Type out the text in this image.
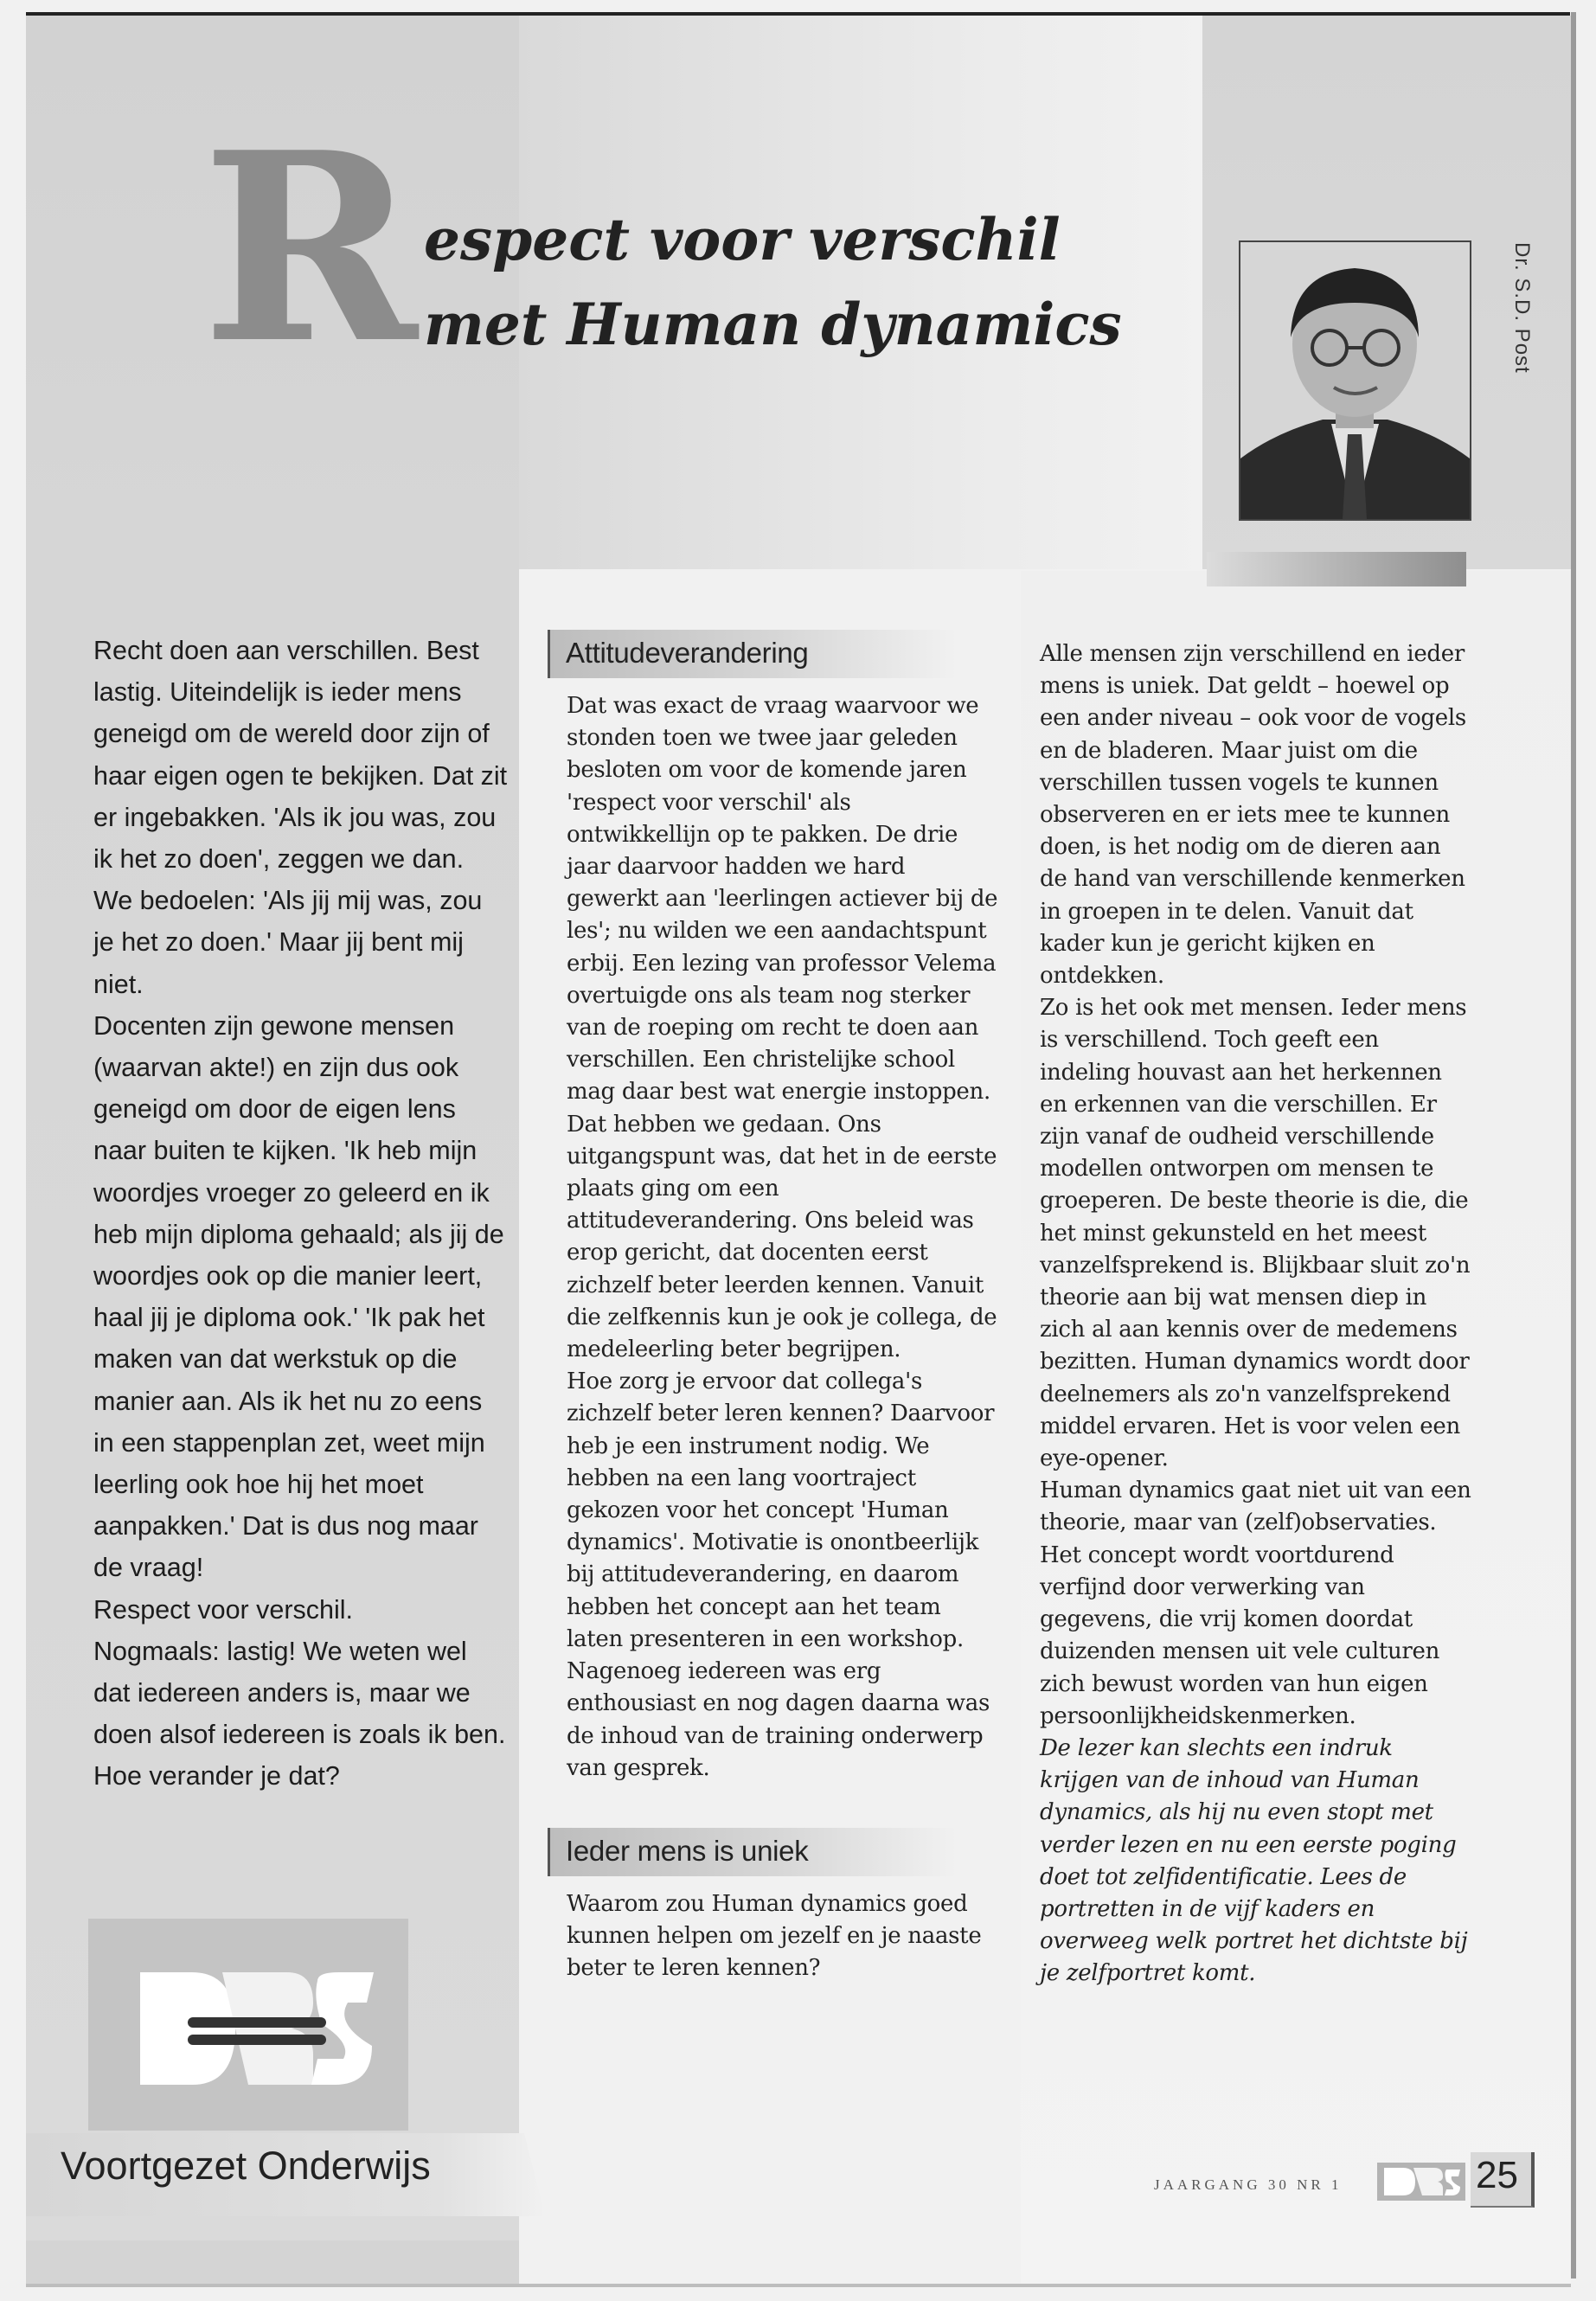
R espect voor verschil
met Human dynamics	Dr. S.D. Post

Recht doen aan verschillen. Best lastig. Uiteindelijk is ieder mens geneigd om de wereld door zijn of haar eigen ogen te bekijken. Dat zit er ingebakken. 'Als ik jou was, zou ik het zo doen', zeggen we dan. We bedoelen: 'Als jij mij was, zou je het zo doen.' Maar jij bent mij niet.

Docenten zijn gewone mensen (waarvan akte!) en zijn dus ook geneigd om door de eigen lens naar buiten te kijken. 'Ik heb mijn woordjes vroeger zo geleerd en ik heb mijn diploma gehaald; als jij de woordjes ook op die manier leert, haal jij je diploma ook.' 'Ik pak het maken van dat werkstuk op die manier aan. Als ik het nu zo eens in een stappenplan zet, weet mijn leerling ook hoe hij het moet aanpakken.' Dat is dus nog maar de vraag!

Respect voor verschil.

Nogmaals: lastig! We weten wel dat iedereen anders is, maar we doen alsof iedereen is zoals ik ben. Hoe verander je dat?

Attitudeverandering

Dat was exact de vraag waarvoor we stonden toen we twee jaar geleden besloten om voor de komende jaren 'respect voor verschil' als ontwikkellijn op te pakken. De drie jaar daarvoor hadden we hard gewerkt aan 'leerlingen actiever bij de les'; nu wilden we een aandachtspunt erbij. Een lezing van professor Velema overtuigde ons als team nog sterker van de roeping om recht te doen aan verschillen. Een christelijke school mag daar best wat energie instoppen. Dat hebben we gedaan. Ons uitgangspunt was, dat het in de eerste plaats ging om een attitudeverandering. Ons beleid was erop gericht, dat docenten eerst zichzelf beter leerden kennen. Vanuit die zelfkennis kun je ook je collega, de medeleerling beter begrijpen.

Hoe zorg je ervoor dat collega's zichzelf beter leren kennen? Daarvoor heb je een instrument nodig. We hebben na een lang voortraject gekozen voor het concept 'Human dynamics'. Motivatie is onontbeerlijk bij attitudeverandering, en daarom hebben het concept aan het team laten presenteren in een workshop. Nagenoeg iedereen was erg enthousiast en nog dagen daarna was de inhoud van de training onderwerp van gesprek.

Ieder mens is uniek

Waarom zou Human dynamics goed kunnen helpen om jezelf en je naaste beter te leren kennen?

Alle mensen zijn verschillend en ieder mens is uniek. Dat geldt – hoewel op een ander niveau – ook voor de vogels en de bladeren. Maar juist om die verschillen tussen vogels te kunnen observeren en er iets mee te kunnen doen, is het nodig om de dieren aan de hand van verschillende kenmerken in groepen in te delen. Vanuit dat kader kun je gericht kijken en ontdekken.

Zo is het ook met mensen. Ieder mens is verschillend. Toch geeft een indeling houvast aan het herkennen en erkennen van die verschillen. Er zijn vanaf de oudheid verschillende modellen ontworpen om mensen te groeperen. De beste theorie is die, die het minst gekunsteld en het meest vanzelfsprekend is. Blijkbaar sluit zo'n theorie aan bij wat mensen diep in zich al aan kennis over de medemens bezitten. Human dynamics wordt door deelnemers als zo'n vanzelfsprekend middel ervaren. Het is voor velen een eye-opener.

Human dynamics gaat niet uit van een theorie, maar van (zelf)observaties. Het concept wordt voortdurend verfijnd door verwerking van gegevens, die vrij komen doordat duizenden mensen uit vele culturen zich bewust worden van hun eigen persoonlijkheidskenmerken.

De lezer kan slechts een indruk krijgen van de inhoud van Human dynamics, als hij nu even stopt met verder lezen en nu een eerste poging doet tot zelfidentificatie. Lees de portretten in de vijf kaders en overweeg welk portret het dichtste bij je zelfportret komt.

Voortgezet Onderwijs	JAARGANG 30 NR 1	25
